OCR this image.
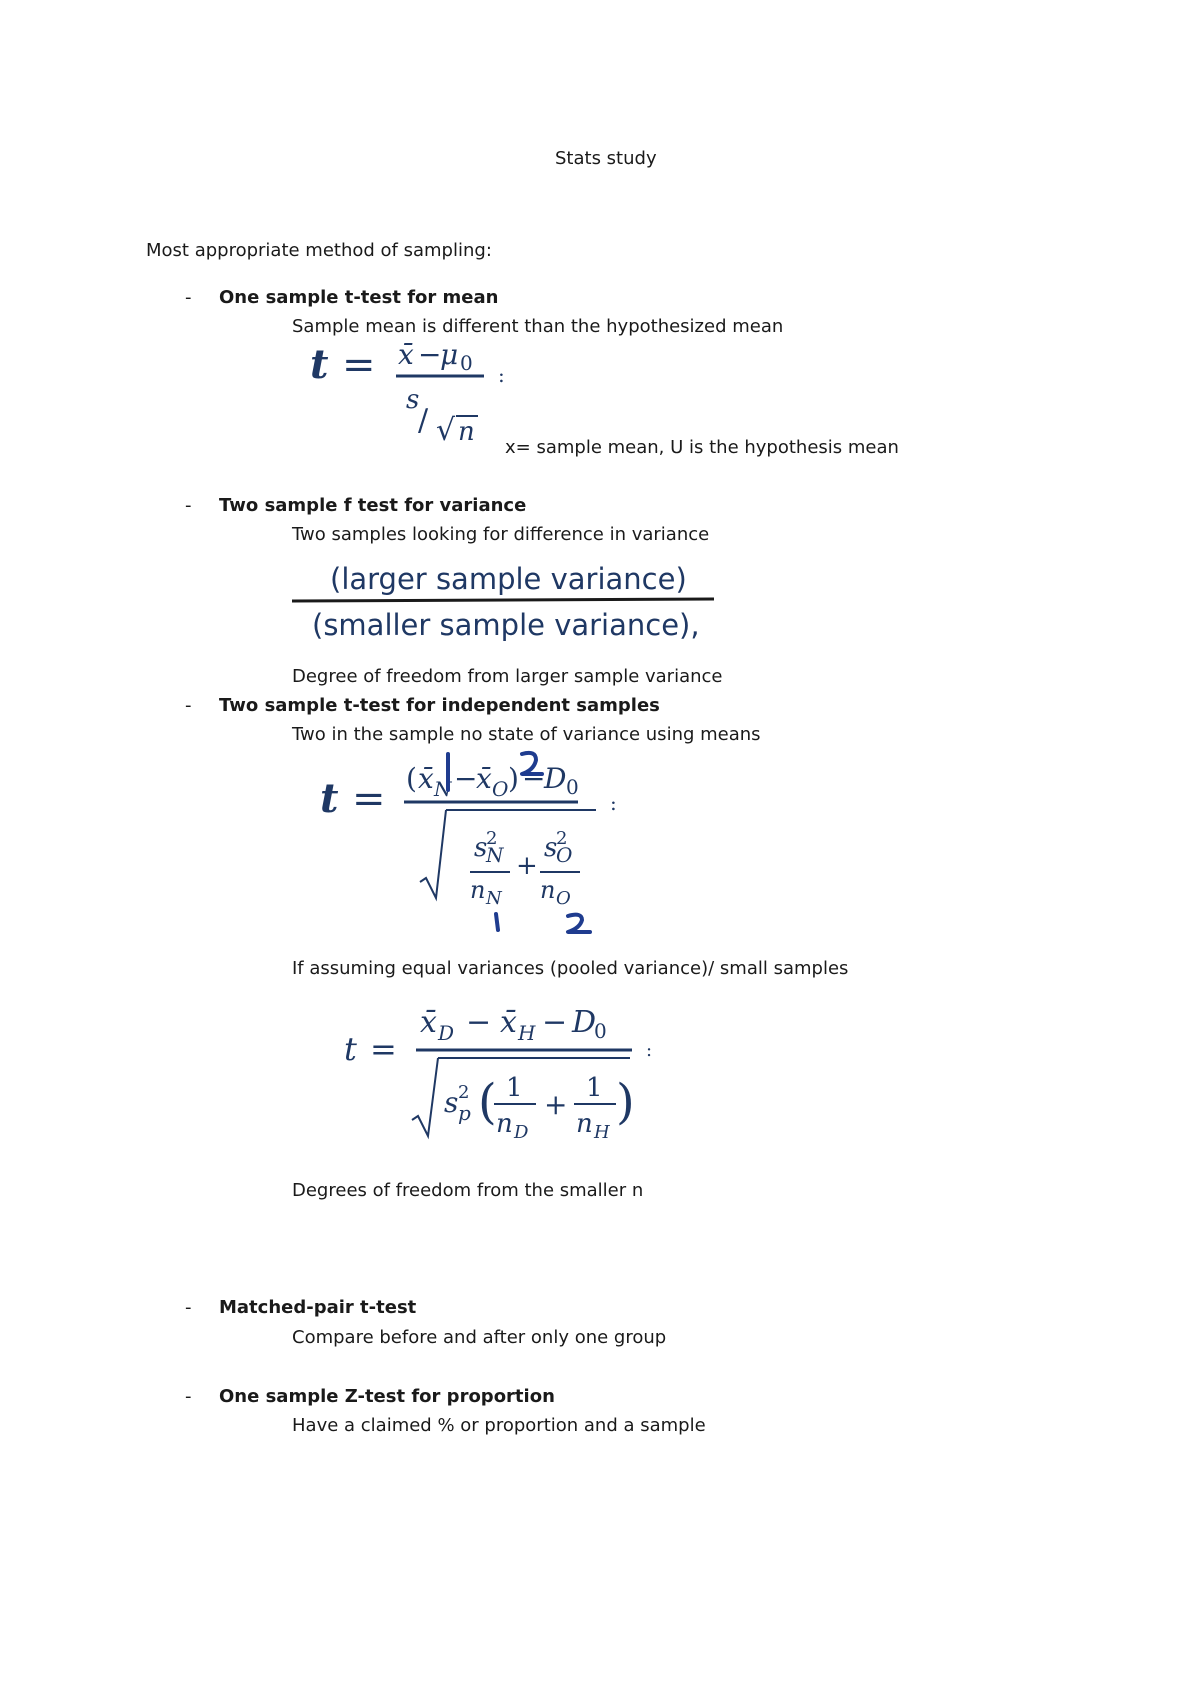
Stats study
Most appropriate method of sampling:
- One sample t-test for mean
Sample mean is different than the hypothesized mean
t = x̄ −
μ 0
s
/ √ n
:
x= sample mean, U is the hypothesis mean
- Two sample f test for variance
Two samples looking for difference in variance
(larger sample variance)
(smaller sample variance),
Degree of freedom from larger sample variance
- Two sample t-test for independent samples
Two in the sample no state of variance using means
t = ( x̄ N −
x̄ O ) −
D 0
:
s
2
N
n N
+
s
2
O
n O
If assuming equal variances (pooled variance)/ small samples
t =
x̄ D − x̄ H − D
0
:
s 2
p ( 1
n D
+ 1
n H
)
Degrees of freedom from the smaller n
- Matched-pair t-test
Compare before and after only one group
- One sample Z-test for proportion
Have a claimed % or proportion and a sample
